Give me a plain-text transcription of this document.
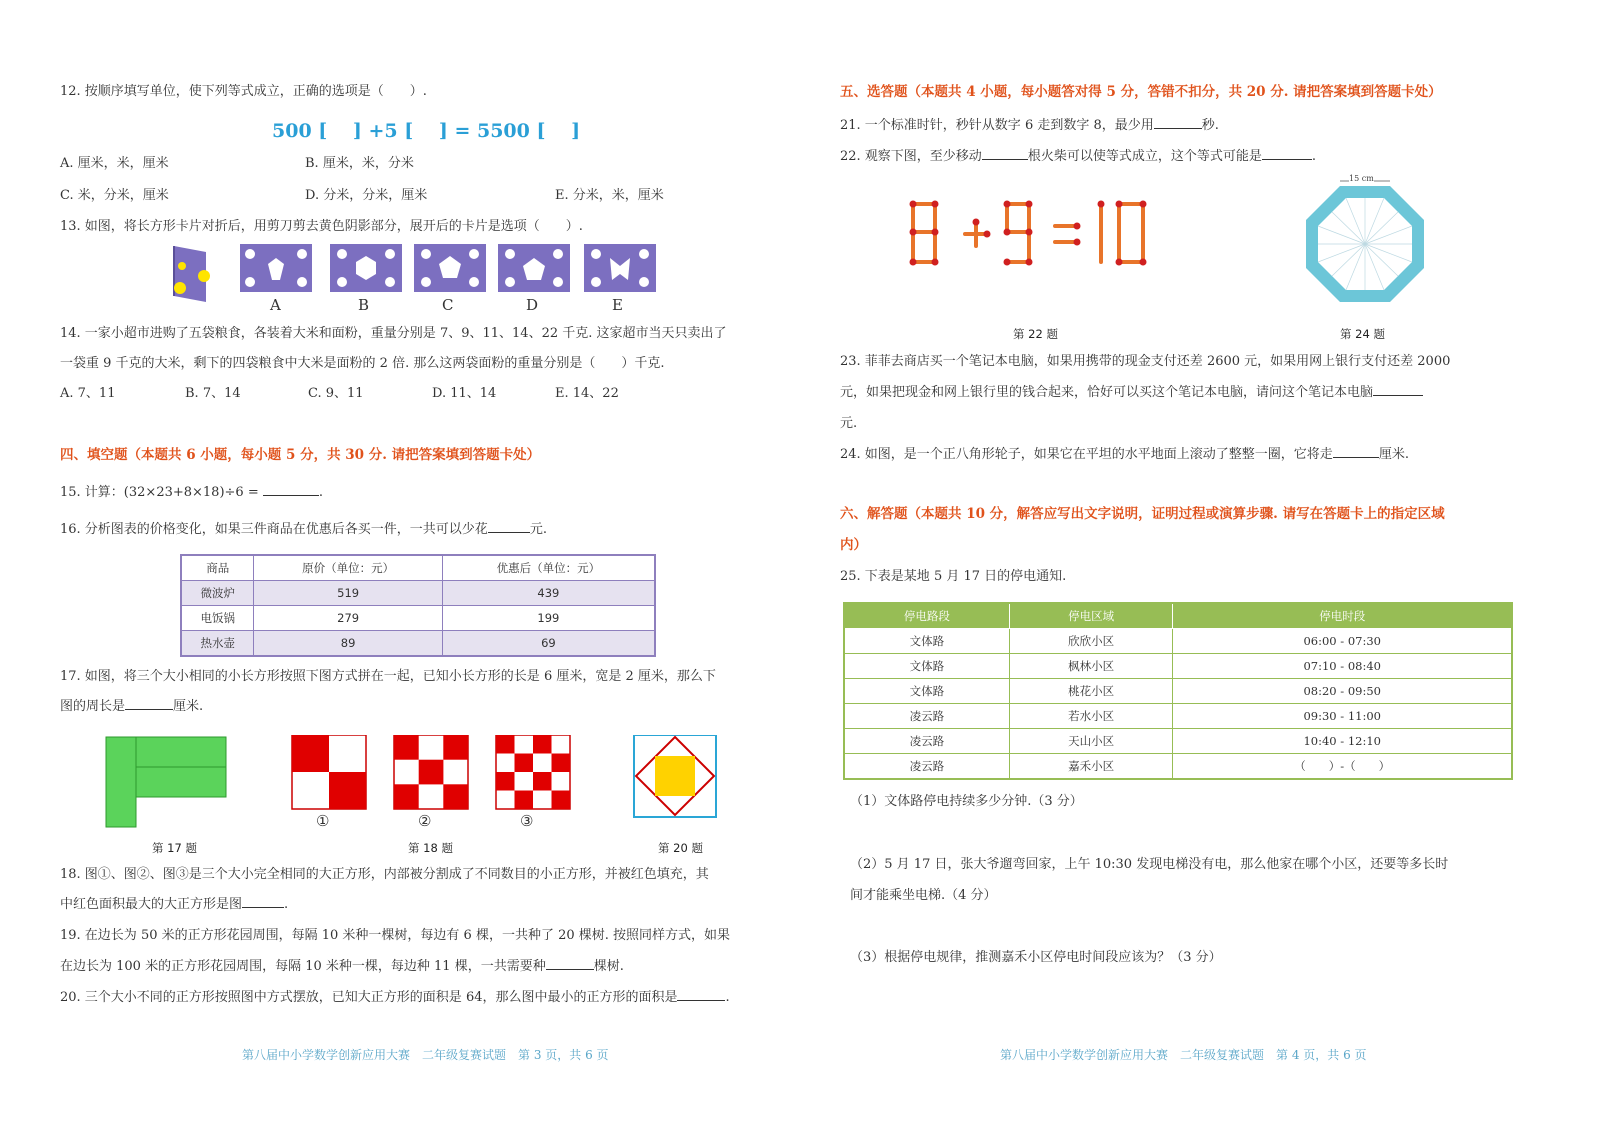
12. 按顺序填写单位，使下列等式成立，正确的选项是（　　）.
500 [　 ] +5 [　 ] = 5500 [　 ]
A. 厘米，米，厘米	B. 厘米，米，分米
C. 米，分米，厘米	D. 分米，分米，厘米	E. 分米，米，厘米
13. 如图，将长方形卡片对折后，用剪刀剪去黄色阴影部分，展开后的卡片是选项（　　）.
A	B	C	D	E
14. 一家小超市进购了五袋粮食，各装着大米和面粉，重量分别是 7、9、11、14、22 千克. 这家超市当天只卖出了
一袋重 9 千克的大米，剩下的四袋粮食中大米是面粉的 2 倍. 那么这两袋面粉的重量分别是（　　）千克.
A. 7、11	B. 7、14	C. 9、11	D. 11、14	E. 14、22
四、填空题（本题共 6 小题，每小题 5 分，共 30 分. 请把答案填到答题卡处）
15. 计算：(32×23+8×18)÷6 =	.
16. 分析图表的价格变化，如果三件商品在优惠后各买一件，一共可以少花	元.
商品	原价（单位：元）	优惠后（单位：元）
微波炉	519	439
电饭锅	279	199
热水壶	89	69
17. 如图，将三个大小相同的小长方形按照下图方式拼在一起，已知小长方形的长是 6 厘米，宽是 2 厘米，那么下
图的周长是	厘米.
①	②	③
第 17 题	第 18 题	第 20 题
18. 图①、图②、图③是三个大小完全相同的大正方形，内部被分割成了不同数目的小正方形，并被红色填充，其
中红色面积最大的大正方形是图	.
19. 在边长为 50 米的正方形花园周围，每隔 10 米种一棵树，每边有 6 棵，一共种了 20 棵树. 按照同样方式，如果
在边长为 100 米的正方形花园周围，每隔 10 米种一棵，每边种 11 棵，一共需要种	棵树.
20. 三个大小不同的正方形按照图中方式摆放，已知大正方形的面积是 64，那么图中最小的正方形的面积是	.
第八届中小学数学创新应用大赛　二年级复赛试题　第 3 页，共 6 页
五、选答题（本题共 4 小题，每小题答对得 5 分，答错不扣分，共 20 分. 请把答案填到答题卡处）
21. 一个标准时针，秒针从数字 6 走到数字 8，最少用	秒.
22. 观察下图，至少移动	根火柴可以使等式成立，这个等式可能是	.
15 cm
第 22 题	第 24 题
23. 菲菲去商店买一个笔记本电脑，如果用携带的现金支付还差 2600 元，如果用网上银行支付还差 2000
元，如果把现金和网上银行里的钱合起来，恰好可以买这个笔记本电脑，请问这个笔记本电脑
元.
24. 如图，是一个正八角形轮子，如果它在平坦的水平地面上滚动了整整一圈，它将走	厘米.
六、解答题（本题共 10 分，解答应写出文字说明，证明过程或演算步骤. 请写在答题卡上的指定区域
内）
25. 下表是某地 5 月 17 日的停电通知.
停电路段	停电区域	停电时段
文体路	欣欣小区	06:00 - 07:30
文体路	枫林小区	07:10 - 08:40
文体路	桃花小区	08:20 - 09:50
凌云路	若水小区	09:30 - 11:00
凌云路	天山小区	10:40 - 12:10
凌云路	嘉禾小区	（　　）-（　　）
（1）文体路停电持续多少分钟.（3 分）
（2）5 月 17 日，张大爷遛弯回家，上午 10:30 发现电梯没有电，那么他家在哪个小区，还要等多长时
间才能乘坐电梯.（4 分）
（3）根据停电规律，推测嘉禾小区停电时间段应该为？（3 分）
第八届中小学数学创新应用大赛　二年级复赛试题　第 4 页，共 6 页
